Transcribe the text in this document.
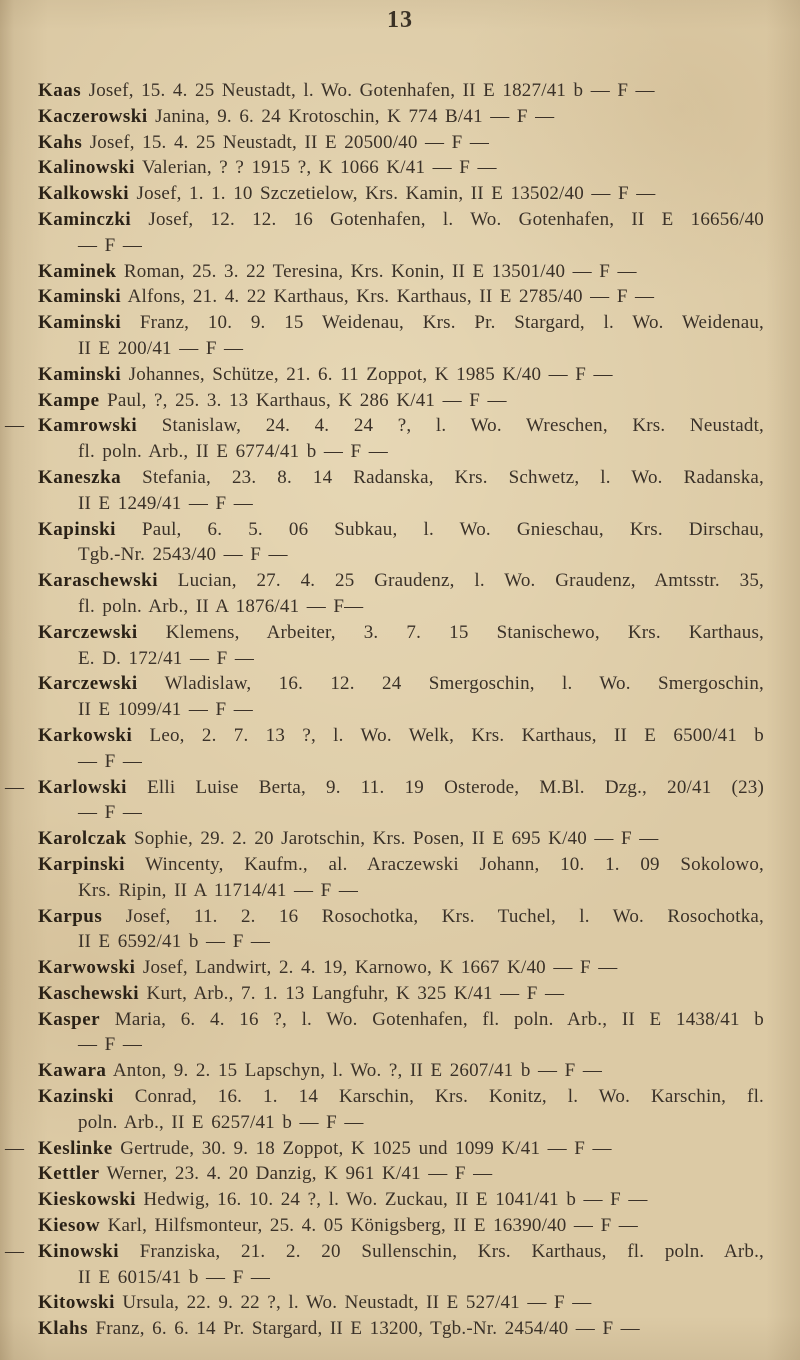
13

Kaas Josef, 15. 4. 25 Neustadt, l. Wo. Gotenhafen, II E 1827/41 b — F —

Kaczerowski Janina, 9. 6. 24 Krotoschin, K 774 B/41 — F —

Kahs Josef, 15. 4. 25 Neustadt, II E 20500/40 — F —

Kalinowski Valerian, ? ? 1915 ?, K 1066 K/41 — F —

Kalkowski Josef, 1. 1. 10 Szczetielow, Krs. Kamin, II E 13502/40 — F —

Kaminczki Josef, 12. 12. 16 Gotenhafen, l. Wo. Gotenhafen, II E 16656/40
— F —

Kaminek Roman, 25. 3. 22 Teresina, Krs. Konin, II E 13501/40 — F —

Kaminski Alfons, 21. 4. 22 Karthaus, Krs. Karthaus, II E 2785/40 — F —

Kaminski Franz, 10. 9. 15 Weidenau, Krs. Pr. Stargard, l. Wo. Weidenau,
II E 200/41 — F —

Kaminski Johannes, Schütze, 21. 6. 11 Zoppot, K 1985 K/40 — F —

Kampe Paul, ?, 25. 3. 13 Karthaus, K 286 K/41 — F —

— Kamrowski Stanislaw, 24. 4. 24 ?, l. Wo. Wreschen, Krs. Neustadt,
fl. poln. Arb., II E 6774/41 b — F —

Kaneszka Stefania, 23. 8. 14 Radanska, Krs. Schwetz, l. Wo. Radanska,
II E 1249/41 — F —

Kapinski Paul, 6. 5. 06 Subkau, l. Wo. Gnieschau, Krs. Dirschau,
Tgb.-Nr. 2543/40 — F —

Karaschewski Lucian, 27. 4. 25 Graudenz, l. Wo. Graudenz, Amtsstr. 35,
fl. poln. Arb., II A 1876/41 — F—

Karczewski Klemens, Arbeiter, 3. 7. 15 Stanischewo, Krs. Karthaus,
E. D. 172/41 — F —

Karczewski Wladislaw, 16. 12. 24 Smergoschin, l. Wo. Smergoschin,
II E 1099/41 — F —

Karkowski Leo, 2. 7. 13 ?, l. Wo. Welk, Krs. Karthaus, II E 6500/41 b
— F —

— Karlowski Elli Luise Berta, 9. 11. 19 Osterode, M.Bl. Dzg., 20/41 (23)
— F —

Karolczak Sophie, 29. 2. 20 Jarotschin, Krs. Posen, II E 695 K/40 — F —

Karpinski Wincenty, Kaufm., al. Araczewski Johann, 10. 1. 09 Sokolowo,
Krs. Ripin, II A 11714/41 — F —

Karpus Josef, 11. 2. 16 Rosochotka, Krs. Tuchel, l. Wo. Rosochotka,
II E 6592/41 b — F —

Karwowski Josef, Landwirt, 2. 4. 19, Karnowo, K 1667 K/40 — F —

Kaschewski Kurt, Arb., 7. 1. 13 Langfuhr, K 325 K/41 — F —

Kasper Maria, 6. 4. 16 ?, l. Wo. Gotenhafen, fl. poln. Arb., II E 1438/41 b
— F —

Kawara Anton, 9. 2. 15 Lapschyn, l. Wo. ?, II E 2607/41 b — F —

Kazinski Conrad, 16. 1. 14 Karschin, Krs. Konitz, l. Wo. Karschin, fl.
poln. Arb., II E 6257/41 b — F —

— Keslinke Gertrude, 30. 9. 18 Zoppot, K 1025 und 1099 K/41 — F —

Kettler Werner, 23. 4. 20 Danzig, K 961 K/41 — F —

Kieskowski Hedwig, 16. 10. 24 ?, l. Wo. Zuckau, II E 1041/41 b — F —

Kiesow Karl, Hilfsmonteur, 25. 4. 05 Königsberg, II E 16390/40 — F —

— Kinowski Franziska, 21. 2. 20 Sullenschin, Krs. Karthaus, fl. poln. Arb.,
II E 6015/41 b — F —

Kitowski Ursula, 22. 9. 22 ?, l. Wo. Neustadt, II E 527/41 — F —

Klahs Franz, 6. 6. 14 Pr. Stargard, II E 13200, Tgb.-Nr. 2454/40 — F —
